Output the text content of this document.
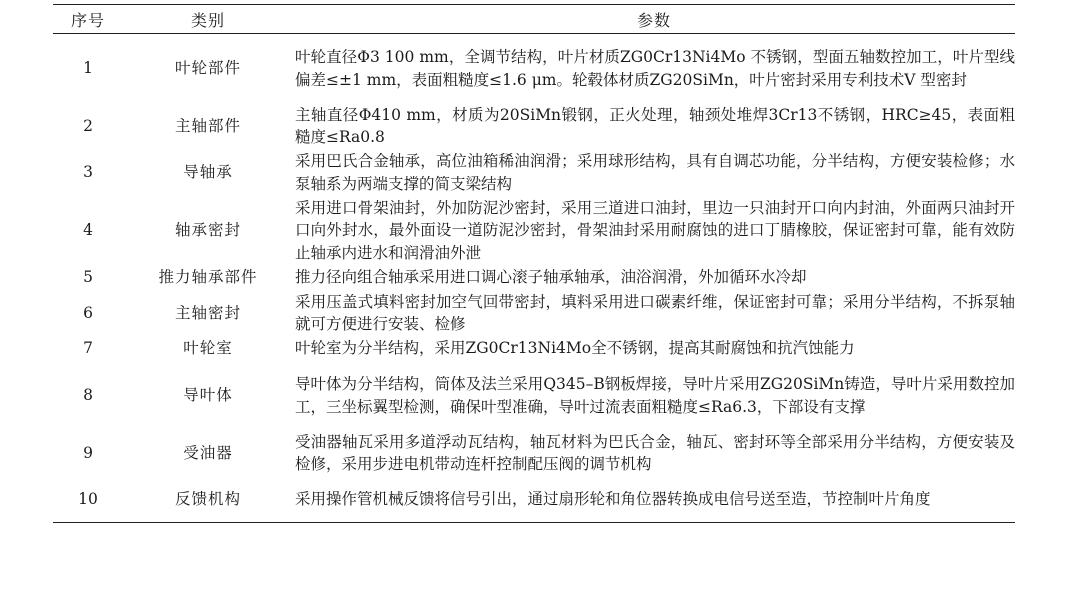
序号	类别	参数
1	叶轮部件	叶轮直径Φ3 100 mm，全调节结构，叶片材质ZG0Cr13Ni4Mo 不锈钢，型面五轴数控加工，叶片型线偏差≤±1 mm，表面粗糙度≤1.6 μm。轮毂体材质ZG20SiMn，叶片密封采用专利技术V 型密封
2	主轴部件	主轴直径Φ410 mm，材质为20SiMn锻钢，正火处理，轴颈处堆焊3Cr13不锈钢，HRC≥45，表面粗糙度≤Ra0.8
3	导轴承	采用巴氏合金轴承，高位油箱稀油润滑；采用球形结构，具有自调芯功能，分半结构，方便安装检修；水泵轴系为两端支撑的简支梁结构
4	轴承密封	采用进口骨架油封，外加防泥沙密封，采用三道进口油封，里边一只油封开口向内封油，外面两只油封开口向外封水，最外面设一道防泥沙密封，骨架油封采用耐腐蚀的进口丁腈橡胶，保证密封可靠，能有效防止轴承内进水和润滑油外泄
5	推力轴承部件	推力径向组合轴承采用进口调心滚子轴承轴承，油浴润滑，外加循环水冷却
6	主轴密封	采用压盖式填料密封加空气回带密封，填料采用进口碳素纤维，保证密封可靠；采用分半结构，不拆泵轴就可方便进行安装、检修
7	叶轮室	叶轮室为分半结构，采用ZG0Cr13Ni4Mo全不锈钢，提高其耐腐蚀和抗汽蚀能力
8	导叶体	导叶体为分半结构，筒体及法兰采用Q345–B钢板焊接，导叶片采用ZG20SiMn铸造，导叶片采用数控加工，三坐标翼型检测，确保叶型准确，导叶过流表面粗糙度≤Ra6.3，下部设有支撑
9	受油器	受油器轴瓦采用多道浮动瓦结构，轴瓦材料为巴氏合金，轴瓦、密封环等全部采用分半结构，方便安装及检修，采用步进电机带动连杆控制配压阀的调节机构
10	反馈机构	采用操作管机械反馈将信号引出，通过扇形轮和角位器转换成电信号送至造，节控制叶片角度
